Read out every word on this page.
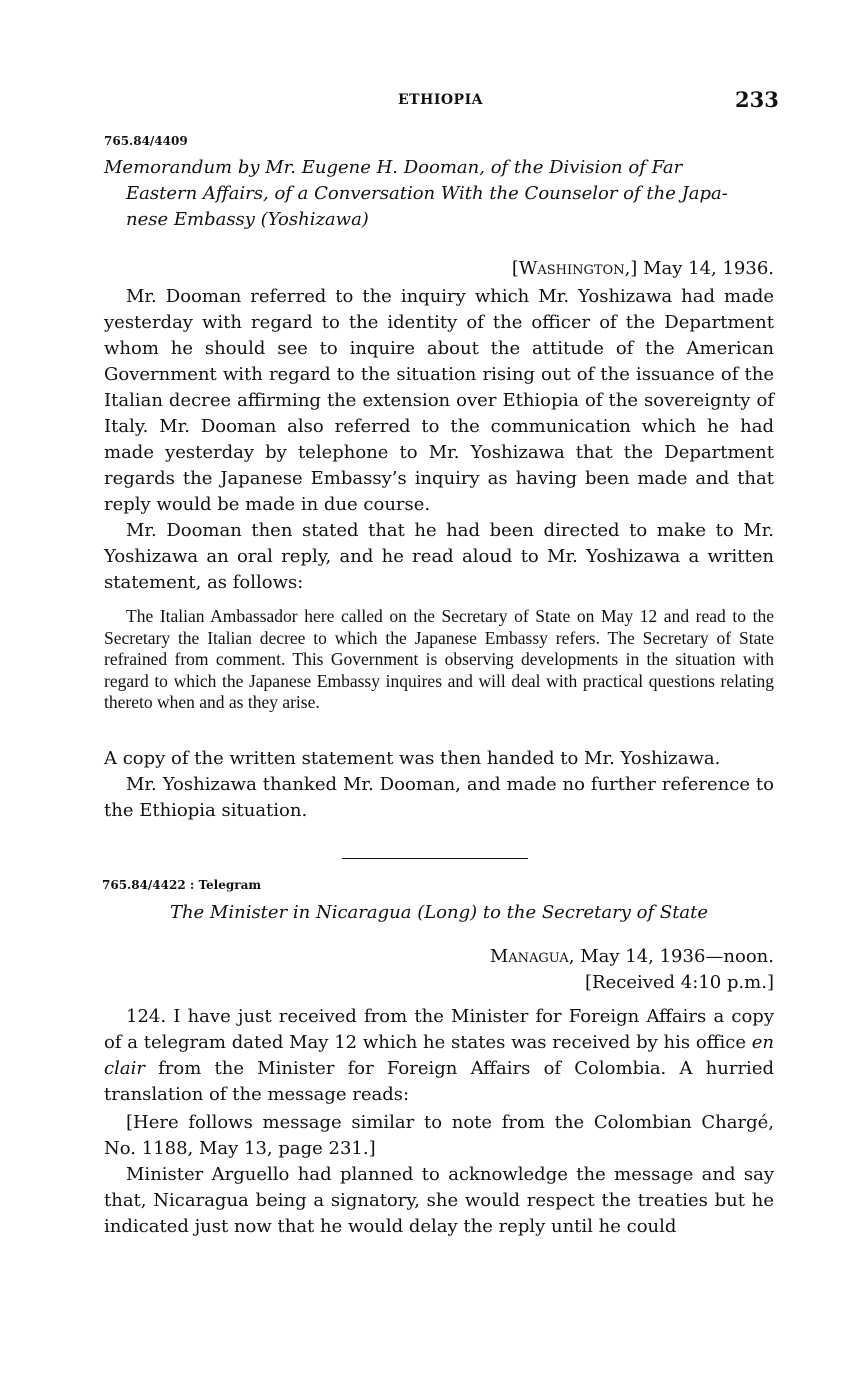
ETHIOPIA	233
765.84/4409
Memorandum by Mr. Eugene H. Dooman, of the Division of Far
Eastern Affairs, of a Conversation With the Counselor of the Japa-
nese Embassy (Yoshizawa)
[Washington,] May 14, 1936.
Mr. Dooman referred to the inquiry which Mr. Yoshizawa had made yesterday with regard to the identity of the officer of the Department whom he should see to inquire about the attitude of the American Government with regard to the situation rising out of the issuance of the Italian decree affirming the extension over Ethiopia of the sovereignty of Italy. Mr. Dooman also referred to the communication which he had made yesterday by telephone to Mr. Yoshizawa that the Department regards the Japanese Embassy’s inquiry as having been made and that reply would be made in due course.
Mr. Dooman then stated that he had been directed to make to Mr. Yoshizawa an oral reply, and he read aloud to Mr. Yoshizawa a written statement, as follows:
The Italian Ambassador here called on the Secretary of State on May 12 and read to the Secretary the Italian decree to which the Japanese Embassy refers. The Secretary of State refrained from comment. This Government is observing developments in the situation with regard to which the Japanese Embassy inquires and will deal with practical questions relating thereto when and as they arise.
A copy of the written statement was then handed to Mr. Yoshizawa.
Mr. Yoshizawa thanked Mr. Dooman, and made no further reference to the Ethiopia situation.
765.84/4422 : Telegram
The Minister in Nicaragua (Long) to the Secretary of State
Managua, May 14, 1936—noon.
[Received 4:10 p.m.]
124. I have just received from the Minister for Foreign Affairs a copy of a telegram dated May 12 which he states was received by his office en clair from the Minister for Foreign Affairs of Colombia. A hurried translation of the message reads:
[Here follows message similar to note from the Colombian Chargé, No. 1188, May 13, page 231.]
Minister Arguello had planned to acknowledge the message and say that, Nicaragua being a signatory, she would respect the treaties but he indicated just now that he would delay the reply until he could
